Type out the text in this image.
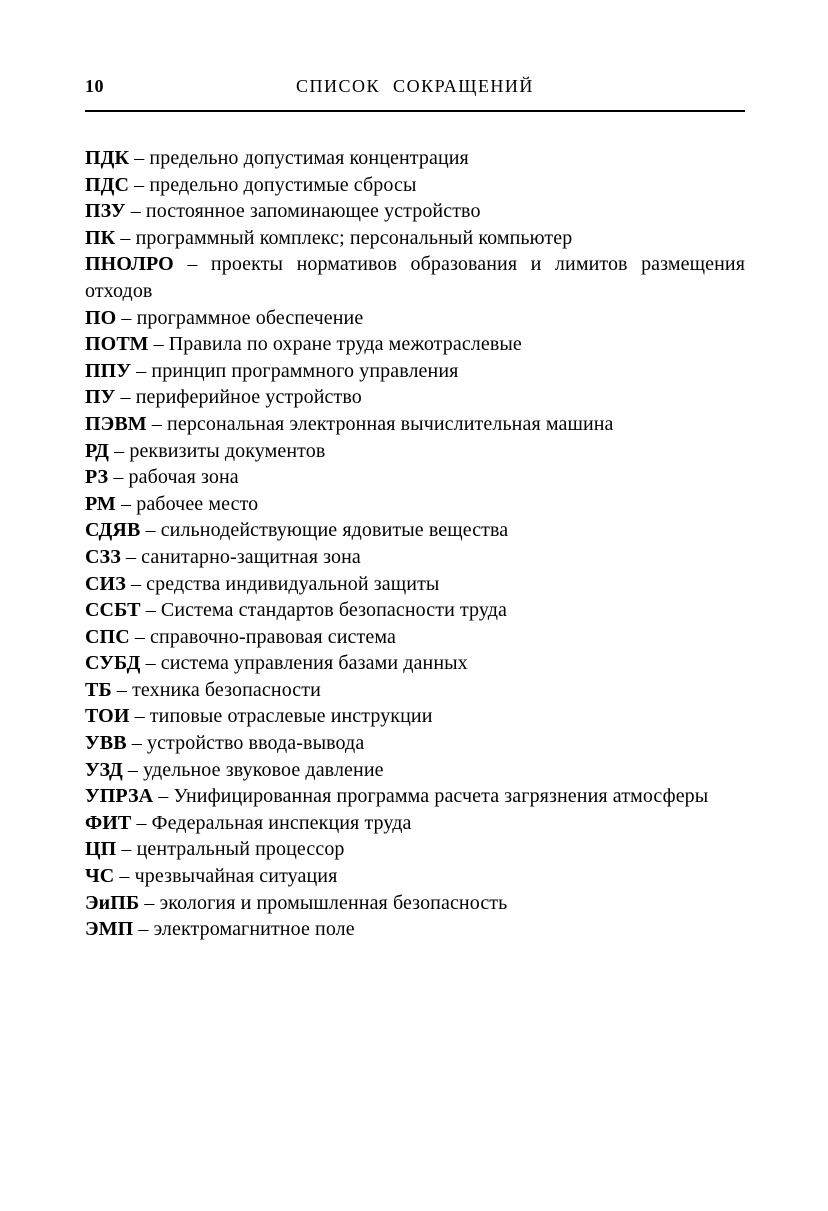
10	СПИСОК СОКРАЩЕНИЙ

ПДК – предельно допустимая концентрация

ПДС – предельно допустимые сбросы

ПЗУ – постоянное запоминающее устройство

ПК – программный комплекс; персональный компьютер

ПНОЛРО – проекты нормативов образования и лимитов размещения отходов

ПО – программное обеспечение

ПОТМ – Правила по охране труда межотраслевые

ППУ – принцип программного управления

ПУ – периферийное устройство

ПЭВМ – персональная электронная вычислительная машина

РД – реквизиты документов

РЗ – рабочая зона

РМ – рабочее место

СДЯВ – сильнодействующие ядовитые вещества

СЗЗ – санитарно-защитная зона

СИЗ – средства индивидуальной защиты

ССБТ – Система стандартов безопасности труда

СПС – справочно-правовая система

СУБД – система управления базами данных

ТБ – техника безопасности

ТОИ – типовые отраслевые инструкции

УВВ – устройство ввода-вывода

УЗД – удельное звуковое давление

УПРЗА – Унифицированная программа расчета загрязнения атмосферы

ФИТ – Федеральная инспекция труда

ЦП – центральный процессор

ЧС – чрезвычайная ситуация

ЭиПБ – экология и промышленная безопасность

ЭМП – электромагнитное поле
